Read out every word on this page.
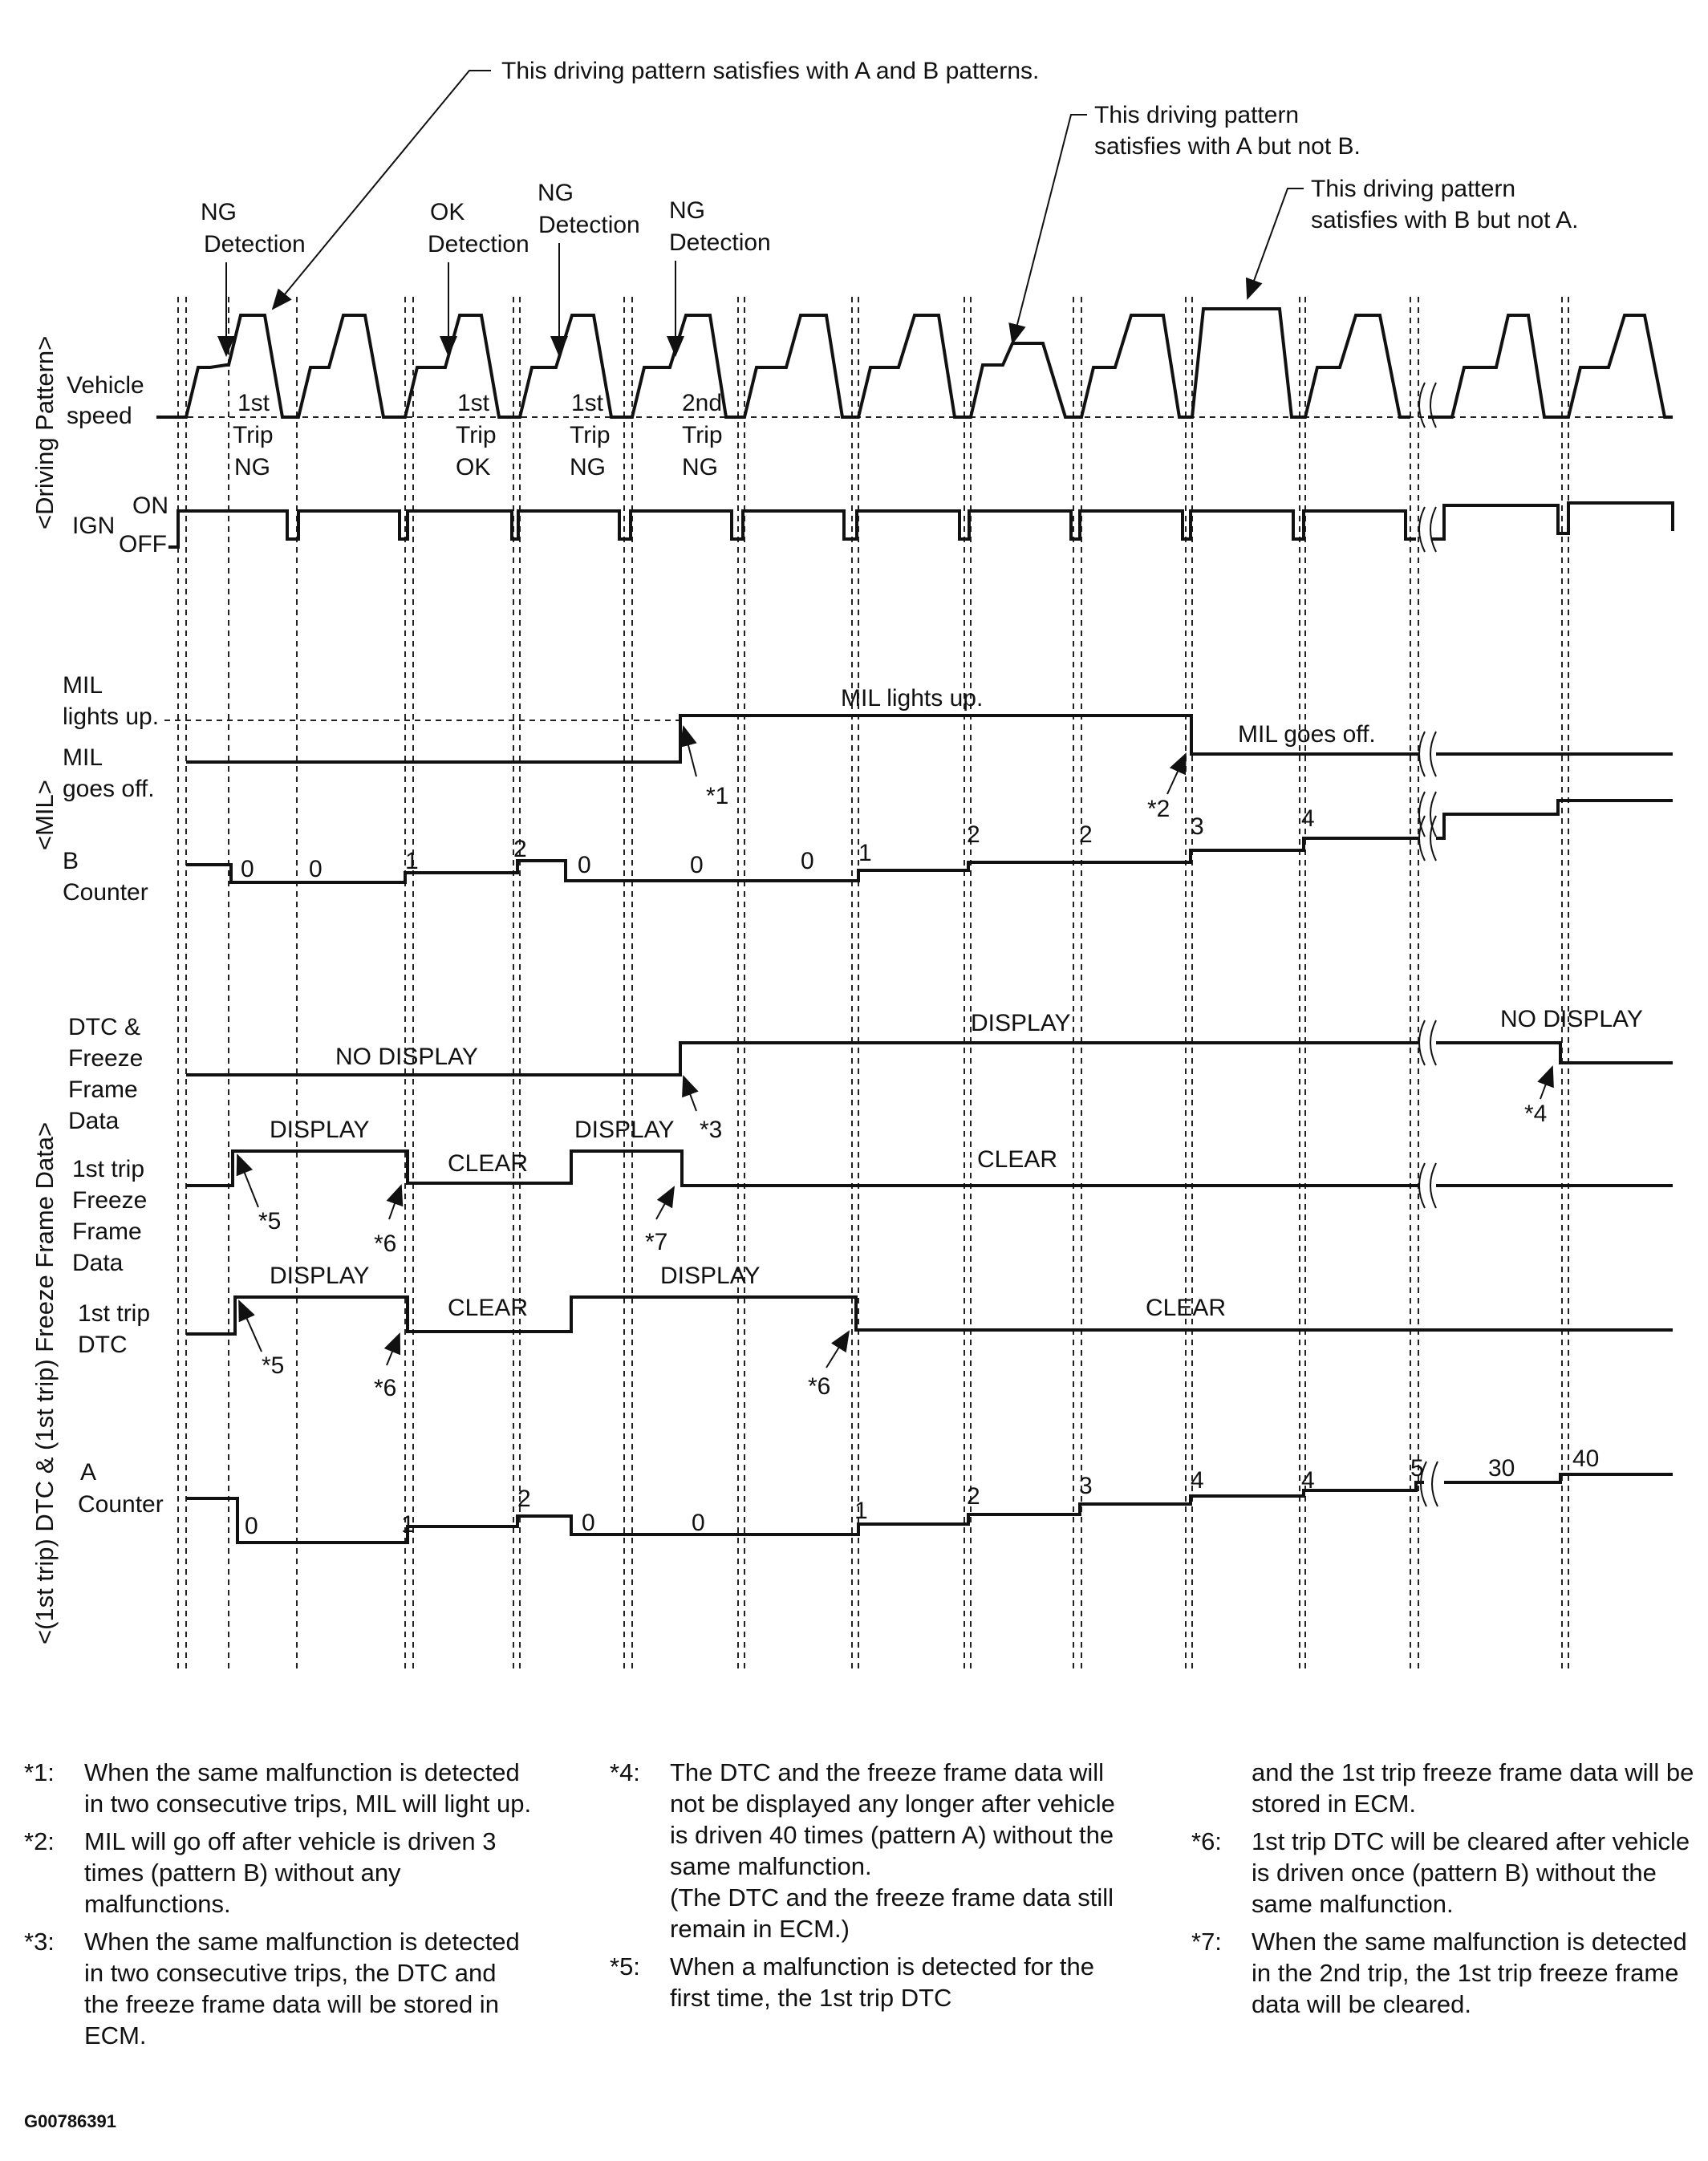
<Driving Pattern>
<MIL>
<(1st trip) DTC & (1st trip) Freeze Frame Data>
This driving pattern satisfies with A and B patterns.
This driving pattern
satisfies with A but not B.
This driving pattern
satisfies with B but not A.
NG
Detection
OK
Detection
NG
Detection
NG
Detection
Vehicle
speed	1st
Trip
NG
1st
Trip
OK
1st
Trip
NG
2nd
Trip
NG
IGN
ON
OFF
MIL
lights up.
MIL
goes off.
MIL lights up.
MIL goes off.
B
Counter
0 0	1	2
0	0	0 1
2	2	3	4
DTC &
Freeze
Frame
Data
NO DISPLAY
DISPLAY	NO DISPLAY
1st trip
Freeze
Frame
Data
DISPLAY
CLEAR
DISPLAY
CLEAR
1st trip
DTC
DISPLAY
CLEAR
DISPLAY
CLEAR
A
Counter
0	1
2
0	0	1
2	3	4	4	5	30 40
*1	*2
*3
*4
*5
*5
*6
*6	*6
*7
*1: When the same malfunction is detected in two consecutive trips, MIL will light up.
*2: MIL will go off after vehicle is driven 3 times (pattern B) without any malfunctions.
*3: When the same malfunction is detected in two consecutive trips, the DTC and the freeze frame data will be stored in ECM.
*4: The DTC and the freeze frame data will not be displayed any longer after vehicle is driven 40 times (pattern A) without the same malfunction.
(The DTC and the freeze frame data still remain in ECM.)
*5: When a malfunction is detected for the first time, the 1st trip DTC
and the 1st trip freeze frame data will be stored in ECM.
*6: 1st trip DTC will be cleared after vehicle is driven once (pattern B) without the same malfunction.
*7: When the same malfunction is detected in the 2nd trip, the 1st trip freeze frame data will be cleared.
G00786391
